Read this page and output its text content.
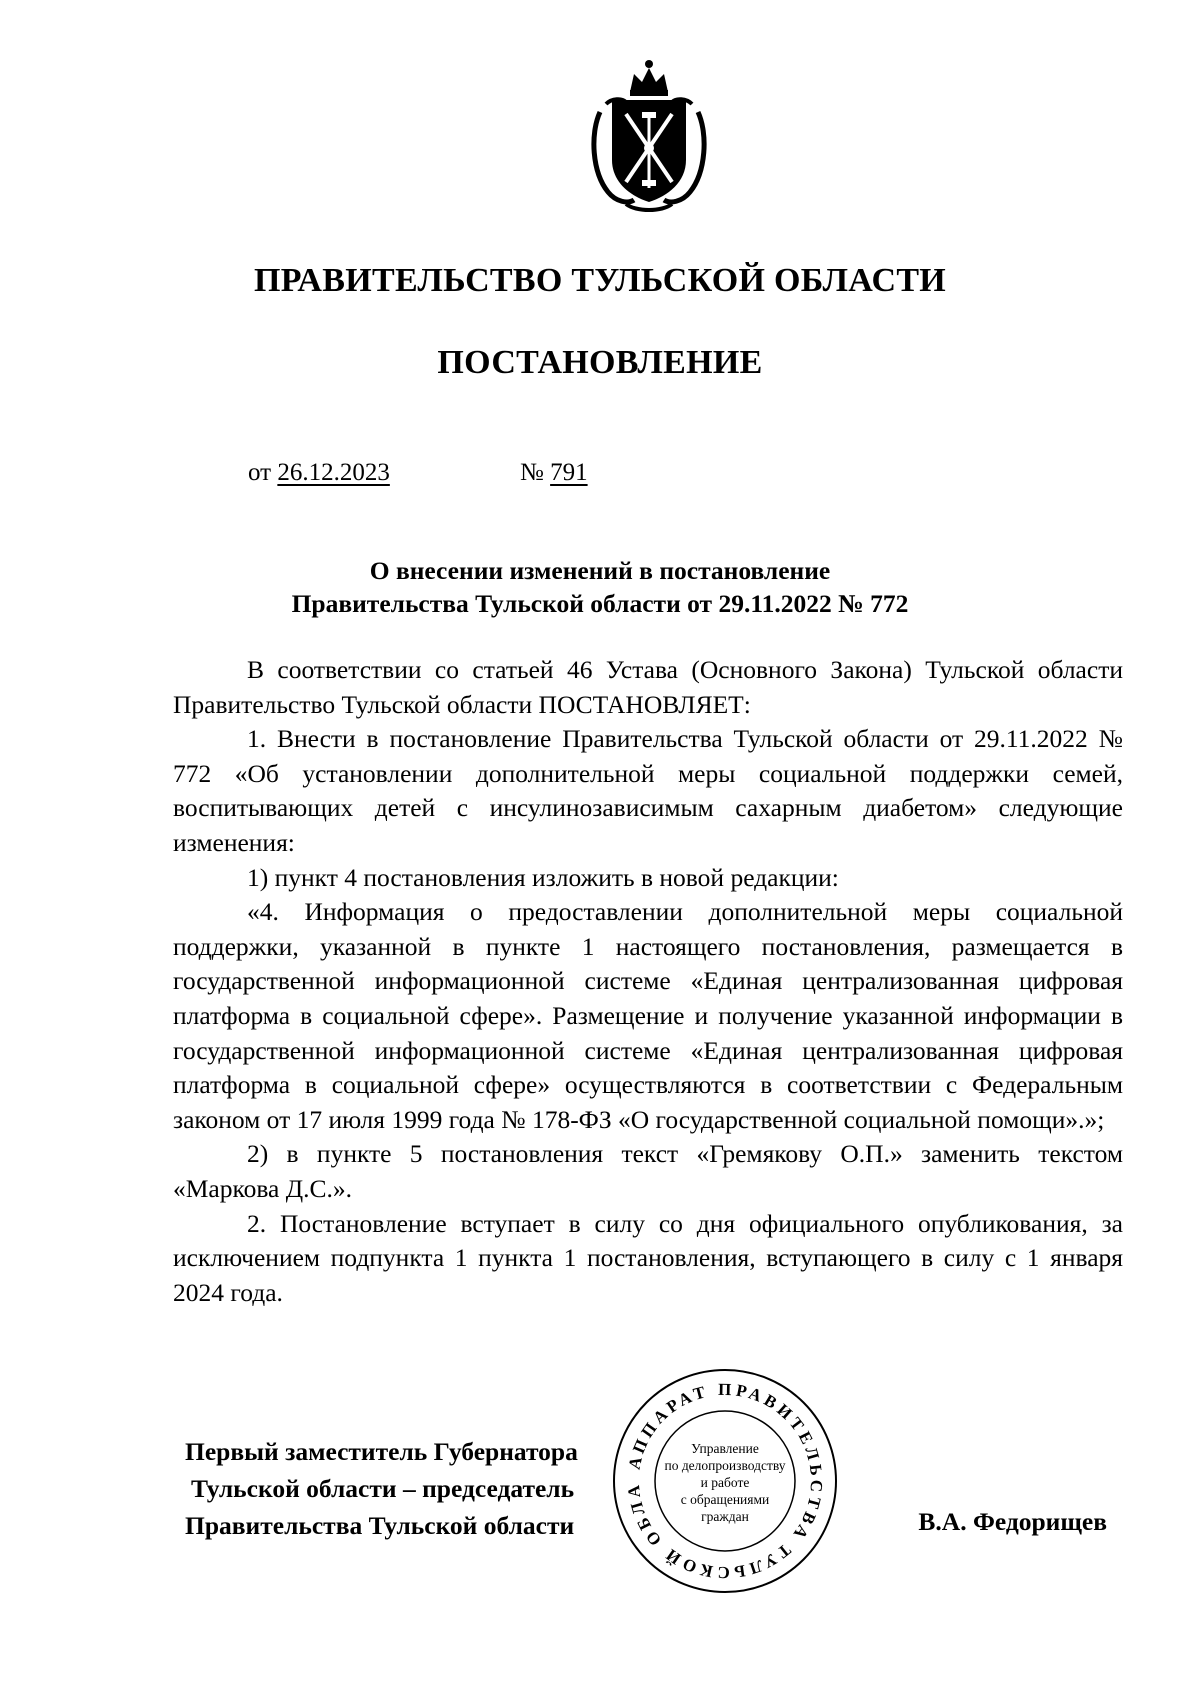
ПРАВИТЕЛЬСТВО ТУЛЬСКОЙ ОБЛАСТИ
ПОСТАНОВЛЕНИЕ
от 26.12.2023	№ 791
О внесении изменений в постановление
Правительства Тульской области от 29.11.2022 № 772

В соответствии со статьей 46 Устава (Основного Закона) Тульской области Правительство Тульской области ПОСТАНОВЛЯЕТ:

1. Внести в постановление Правительства Тульской области от 29.11.2022 № 772 «Об установлении дополнительной меры социальной поддержки семей, воспитывающих детей с инсулинозависимым сахарным диабетом» следующие изменения:

1) пункт 4 постановления изложить в новой редакции:

«4. Информация о предоставлении дополнительной меры социальной поддержки, указанной в пункте 1 настоящего постановления, размещается в государственной информационной системе «Единая централизованная цифровая платформа в социальной сфере». Размещение и получение указанной информации в государственной информационной системе «Единая централизованная цифровая платформа в социальной сфере» осуществляются в соответствии с Федеральным законом от 17 июля 1999 года № 178-ФЗ «О государственной социальной помощи».»;

2) в пункте 5 постановления текст «Гремякову О.П.» заменить текстом «Маркова Д.С.».

2. Постановление вступает в силу со дня официального опубликования, за исключением подпункта 1 пункта 1 постановления, вступающего в силу с 1 января 2024 года.

Первый заместитель Губернатора
Тульской области – председатель
Правительства Тульской области	В.А. Федорищев
АППАРАТ ПРАВИТЕЛЬСТВА ТУЛЬСКОЙ ОБЛАСТИ
Управление
по делопроизводству
и работе
с обращениями
граждан
